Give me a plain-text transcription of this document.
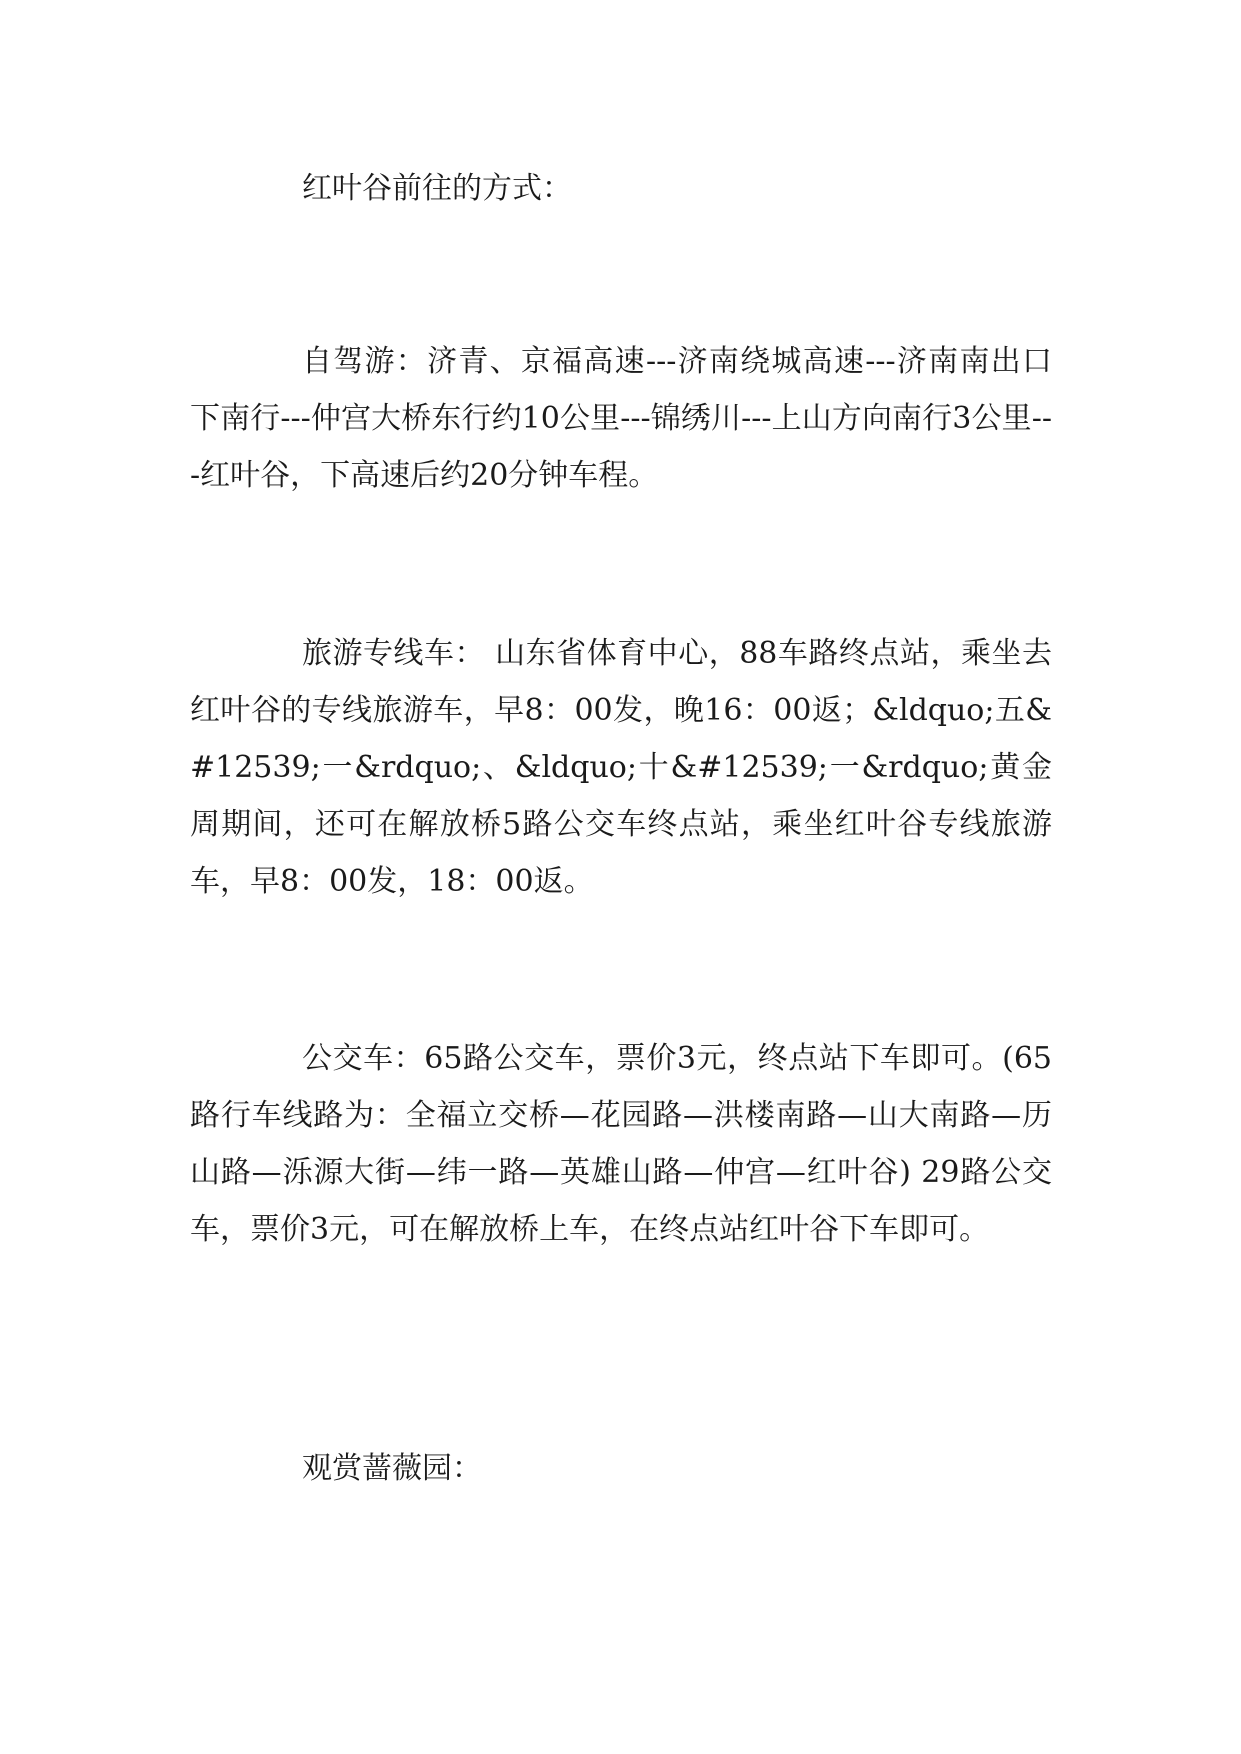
红叶谷前往的方式：

自驾游：济青、京福高速---济南绕城高速---济南南出口下南行---仲宫大桥东行约10公里---锦绣川---上山方向南行3公里---红叶谷，下高速后约20分钟车程。

旅游专线车： 山东省体育中心，88车路终点站，乘坐去红叶谷的专线旅游车，早8：00发，晚16：00返；&ldquo;五&#12539;一&rdquo;、&ldquo;十&#12539;一&rdquo;黄金周期间，还可在解放桥5路公交车终点站，乘坐红叶谷专线旅游车，早8：00发，18：00返。

公交车：65路公交车，票价3元，终点站下车即可。(65路行车线路为：全福立交桥—花园路—洪楼南路—山大南路—历山路—泺源大街—纬一路—英雄山路—仲宫—红叶谷) 29路公交车，票价3元，可在解放桥上车，在终点站红叶谷下车即可。

观赏蔷薇园：
